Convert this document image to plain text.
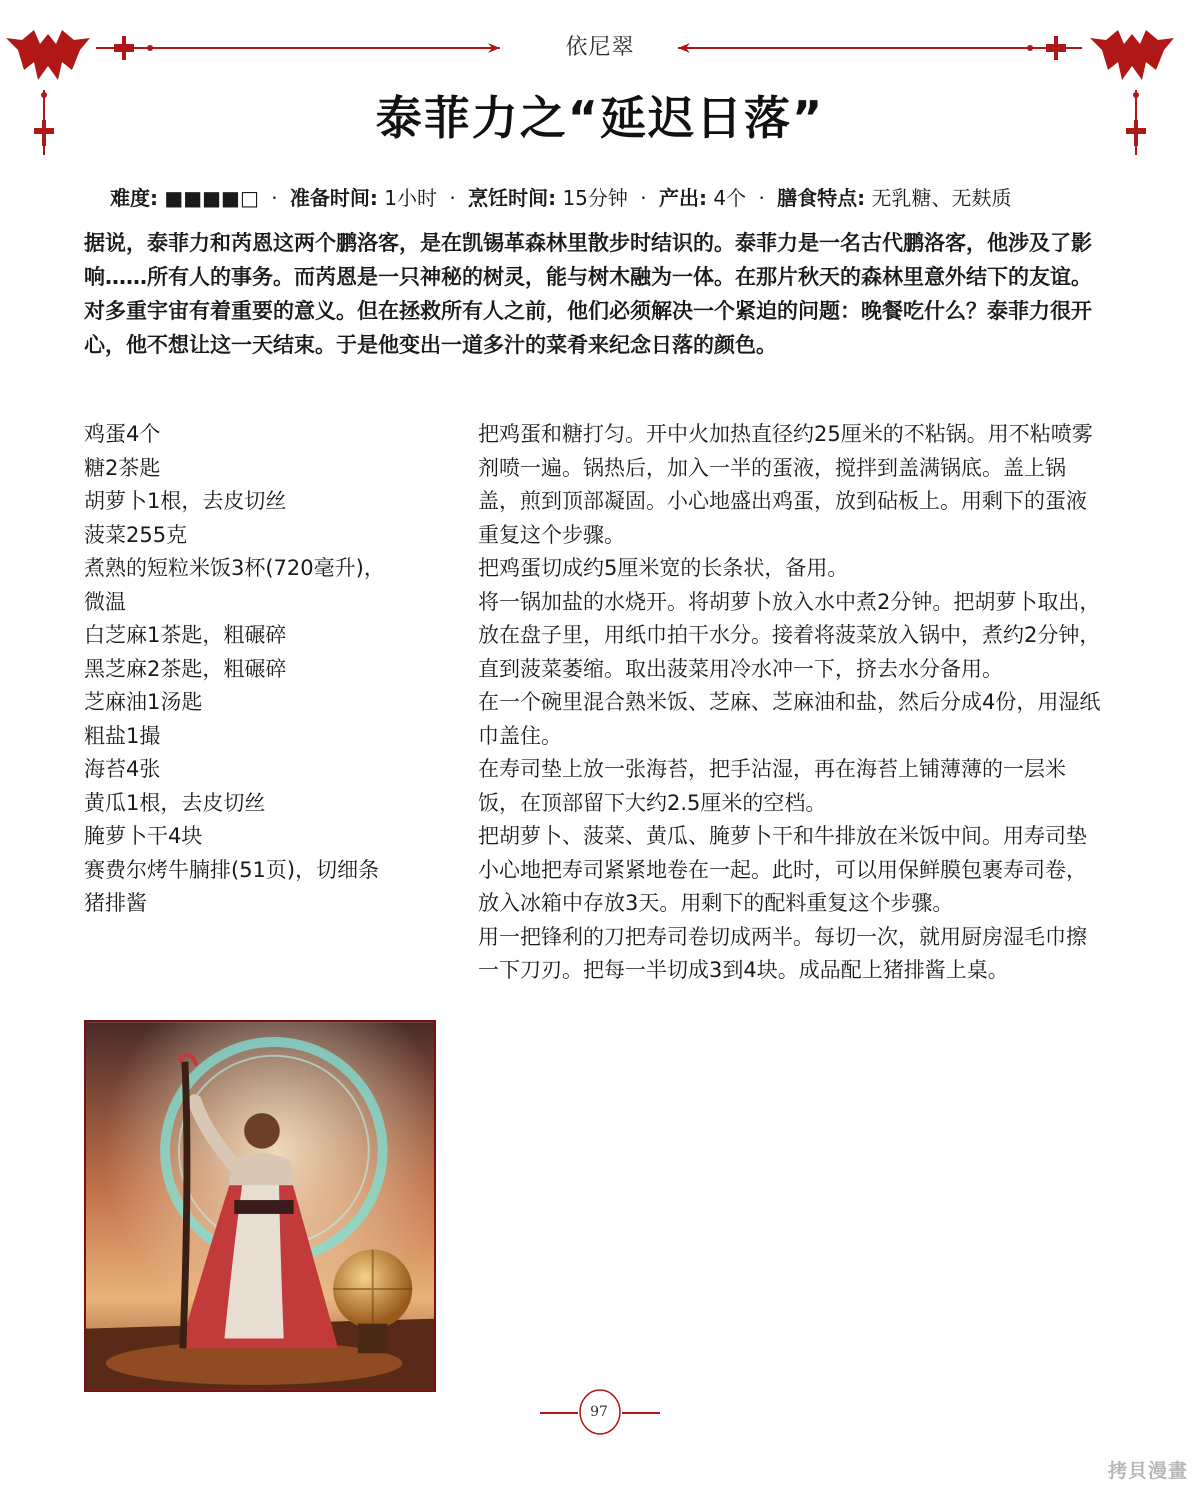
依尼翠
泰菲力之“延迟日落”
难度: ■■■■□ · 准备时间: 1小时 · 烹饪时间: 15分钟 · 产出: 4个 · 膳食特点: 无乳糖、无麸质

据说，泰菲力和芮恩这两个鹏洛客，是在凯锡革森林里散步时结识的。泰菲力是一名古代鹏洛客，他涉及了影响……所有人的事务。而芮恩是一只神秘的树灵，能与树木融为一体。在那片秋天的森林里意外结下的友谊。对多重宇宙有着重要的意义。但在拯救所有人之前，他们必须解决一个紧迫的问题：晚餐吃什么？泰菲力很开心，他不想让这一天结束。于是他变出一道多汁的菜肴来纪念日落的颜色。

鸡蛋4个
糖2茶匙
胡萝卜1根，去皮切丝
菠菜255克
煮熟的短粒米饭3杯(720毫升)，微温
白芝麻1茶匙，粗碾碎
黑芝麻2茶匙，粗碾碎
芝麻油1汤匙
粗盐1撮
海苔4张
黄瓜1根，去皮切丝
腌萝卜干4块
赛费尔烤牛腩排(51页)，切细条
猪排酱
把鸡蛋和糖打匀。开中火加热直径约25厘米的不粘锅。用不粘喷雾剂喷一遍。锅热后，加入一半的蛋液，搅拌到盖满锅底。盖上锅盖，煎到顶部凝固。小心地盛出鸡蛋，放到砧板上。用剩下的蛋液重复这个步骤。
把鸡蛋切成约5厘米宽的长条状，备用。
将一锅加盐的水烧开。将胡萝卜放入水中煮2分钟。把胡萝卜取出，放在盘子里，用纸巾拍干水分。接着将菠菜放入锅中，煮约2分钟，直到菠菜萎缩。取出菠菜用冷水冲一下，挤去水分备用。
在一个碗里混合熟米饭、芝麻、芝麻油和盐，然后分成4份，用湿纸巾盖住。
在寿司垫上放一张海苔，把手沾湿，再在海苔上铺薄薄的一层米饭，在顶部留下大约2.5厘米的空档。
把胡萝卜、菠菜、黄瓜、腌萝卜干和牛排放在米饭中间。用寿司垫小心地把寿司紧紧地卷在一起。此时，可以用保鲜膜包裹寿司卷，放入冰箱中存放3天。用剩下的配料重复这个步骤。
用一把锋利的刀把寿司卷切成两半。每切一次，就用厨房湿毛巾擦一下刀刃。把每一半切成3到4块。成品配上猪排酱上桌。
97
拷貝漫畫
